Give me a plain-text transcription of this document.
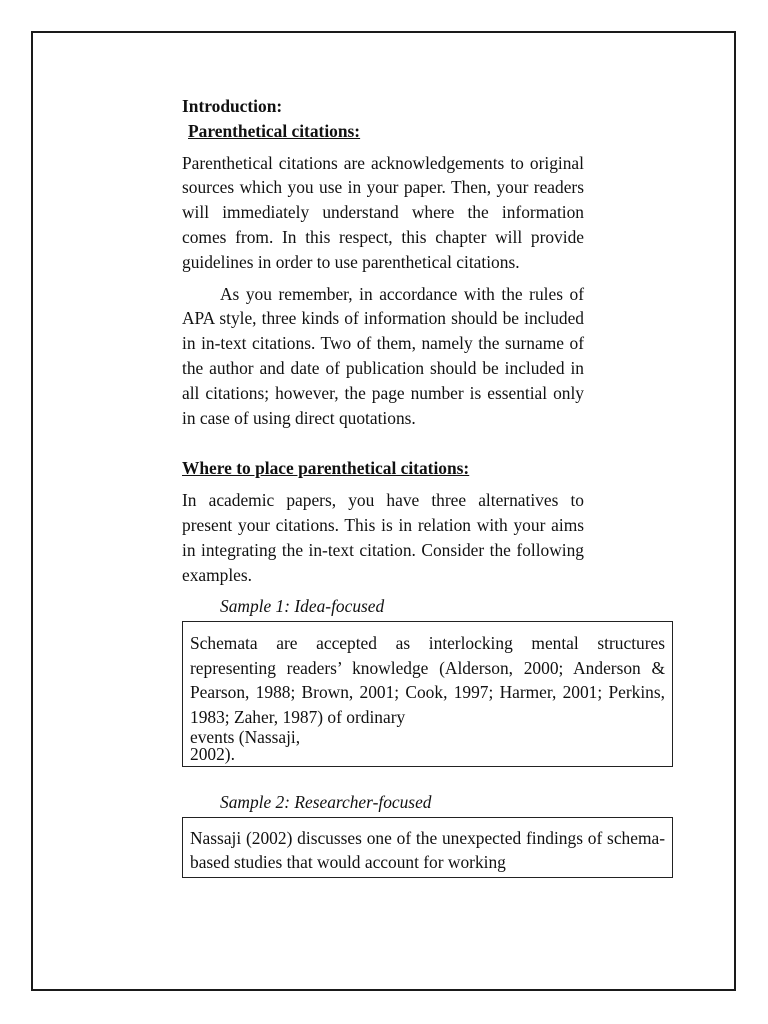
Introduction:
Parenthetical citations:

Parenthetical citations are acknowledgements to original sources which you use in your paper. Then, your readers will immediately understand where the information comes from. In this respect, this chapter will provide guidelines in order to use parenthetical citations.

As you remember, in accordance with the rules of APA style, three kinds of information should be included in in-text citations. Two of them, namely the surname of the author and date of publication should be included in all citations; however, the page number is essential only in case of using direct quotations.

Where to place parenthetical citations:

In academic papers, you have three alternatives to present your citations. This is in relation with your aims in integrating the in-text citation. Consider the following examples.

Sample 1: Idea-focused
Schemata are accepted as interlocking mental structures representing readers’ knowledge (Alderson, 2000; Anderson & Pearson, 1988; Brown, 2001; Cook, 1997; Harmer, 2001; Perkins, 1983; Zaher, 1987) of ordinary
events (Nassaji,
2002).
Sample 2: Researcher-focused
Nassaji (2002) discusses one of the unexpected findings of schema-based studies that would account for working
